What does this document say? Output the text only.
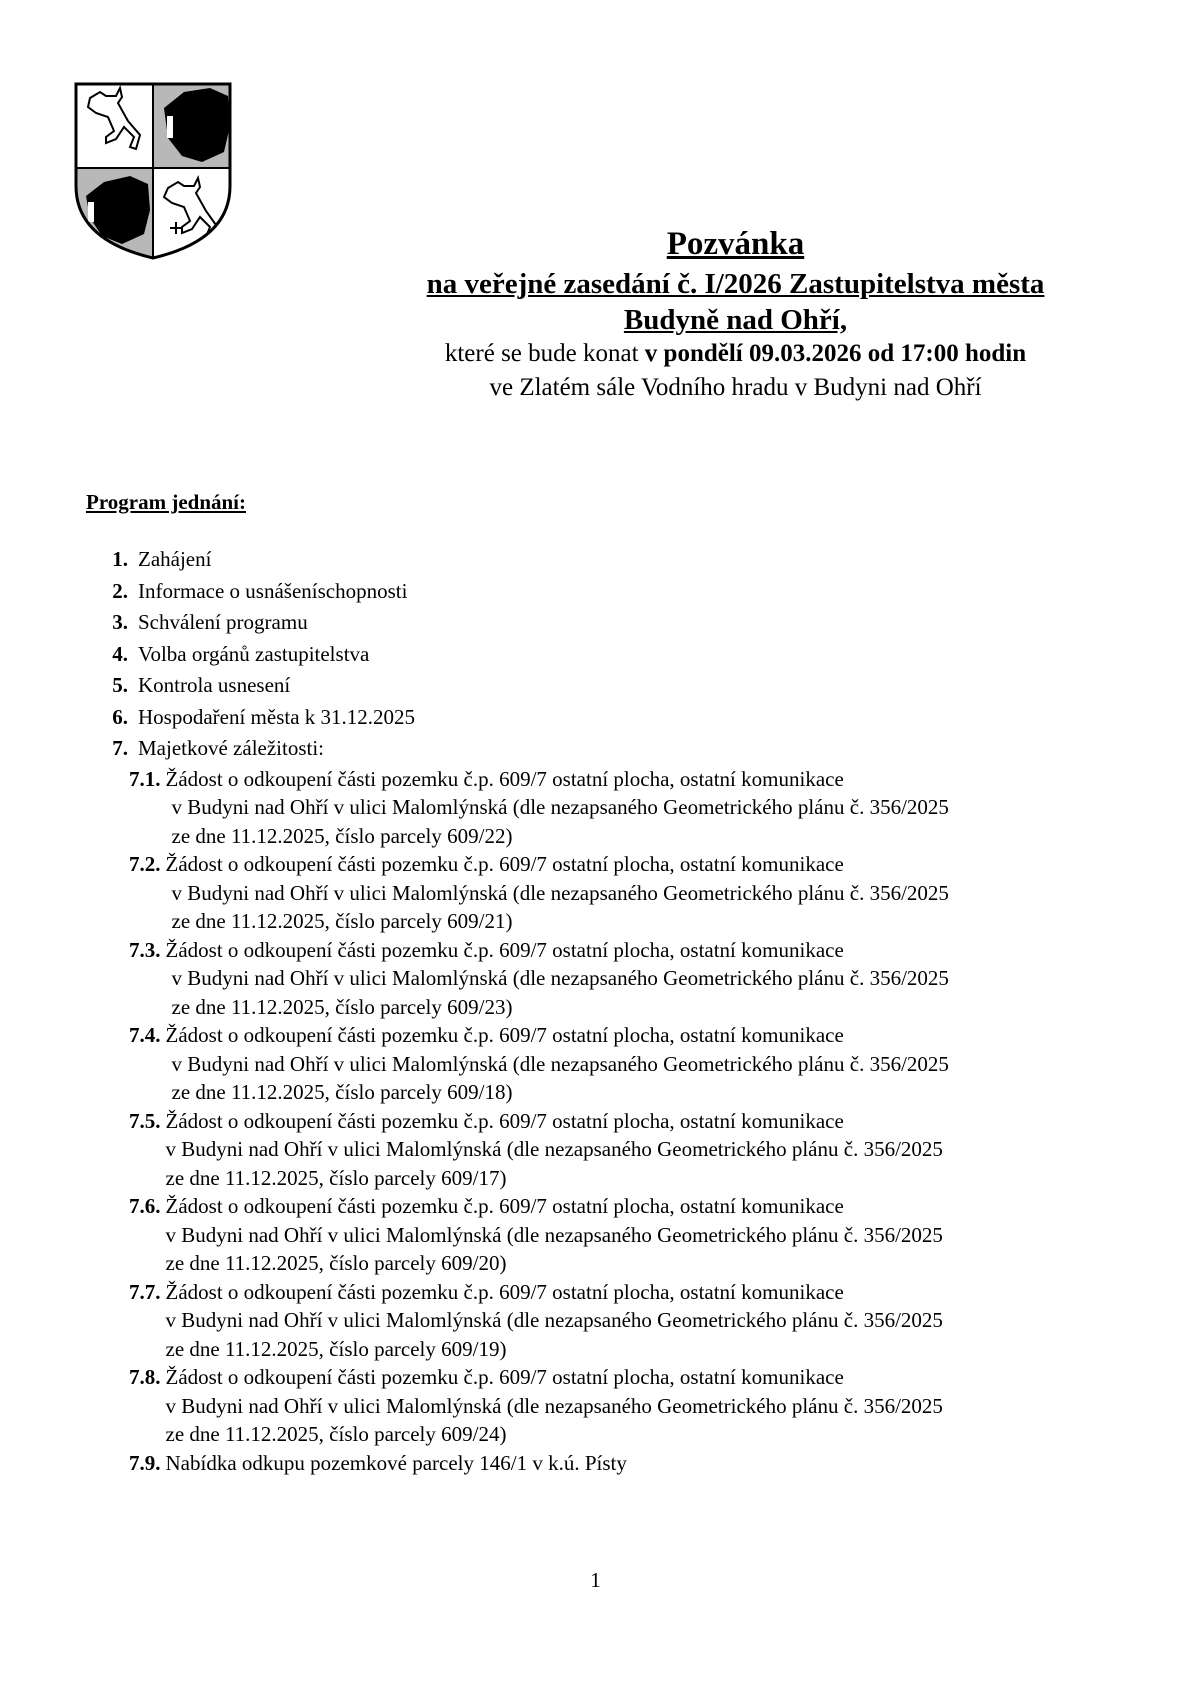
Pozvánka
na veřejné zasedání č. I/2026 Zastupitelstva města
Budyně nad Ohří,
které se bude konat v pondělí 09.03.2026 od 17:00 hodin
ve Zlatém sále Vodního hradu v Budyni nad Ohří
Program jednání:
1. Zahájení
2. Informace o usnášeníschopnosti
3. Schválení programu
4. Volba orgánů zastupitelstva
5. Kontrola usnesení
6. Hospodaření města k 31.12.2025
7. Majetkové záležitosti:
7.1. Žádost o odkoupení části pozemku č.p. 609/7 ostatní plocha, ostatní komunikace
v Budyni nad Ohří v ulici Malomlýnská (dle nezapsaného Geometrického plánu č. 356/2025
ze dne 11.12.2025, číslo parcely 609/22)
7.2. Žádost o odkoupení části pozemku č.p. 609/7 ostatní plocha, ostatní komunikace
v Budyni nad Ohří v ulici Malomlýnská (dle nezapsaného Geometrického plánu č. 356/2025
ze dne 11.12.2025, číslo parcely 609/21)
7.3. Žádost o odkoupení části pozemku č.p. 609/7 ostatní plocha, ostatní komunikace
v Budyni nad Ohří v ulici Malomlýnská (dle nezapsaného Geometrického plánu č. 356/2025
ze dne 11.12.2025, číslo parcely 609/23)
7.4. Žádost o odkoupení části pozemku č.p. 609/7 ostatní plocha, ostatní komunikace
v Budyni nad Ohří v ulici Malomlýnská (dle nezapsaného Geometrického plánu č. 356/2025
ze dne 11.12.2025, číslo parcely 609/18)
7.5. Žádost o odkoupení části pozemku č.p. 609/7 ostatní plocha, ostatní komunikace
v Budyni nad Ohří v ulici Malomlýnská (dle nezapsaného Geometrického plánu č. 356/2025
ze dne 11.12.2025, číslo parcely 609/17)
7.6. Žádost o odkoupení části pozemku č.p. 609/7 ostatní plocha, ostatní komunikace
v Budyni nad Ohří v ulici Malomlýnská (dle nezapsaného Geometrického plánu č. 356/2025
ze dne 11.12.2025, číslo parcely 609/20)
7.7. Žádost o odkoupení části pozemku č.p. 609/7 ostatní plocha, ostatní komunikace
v Budyni nad Ohří v ulici Malomlýnská (dle nezapsaného Geometrického plánu č. 356/2025
ze dne 11.12.2025, číslo parcely 609/19)
7.8. Žádost o odkoupení části pozemku č.p. 609/7 ostatní plocha, ostatní komunikace
v Budyni nad Ohří v ulici Malomlýnská (dle nezapsaného Geometrického plánu č. 356/2025
ze dne 11.12.2025, číslo parcely 609/24)
7.9. Nabídka odkupu pozemkové parcely 146/1 v k.ú. Písty
1
